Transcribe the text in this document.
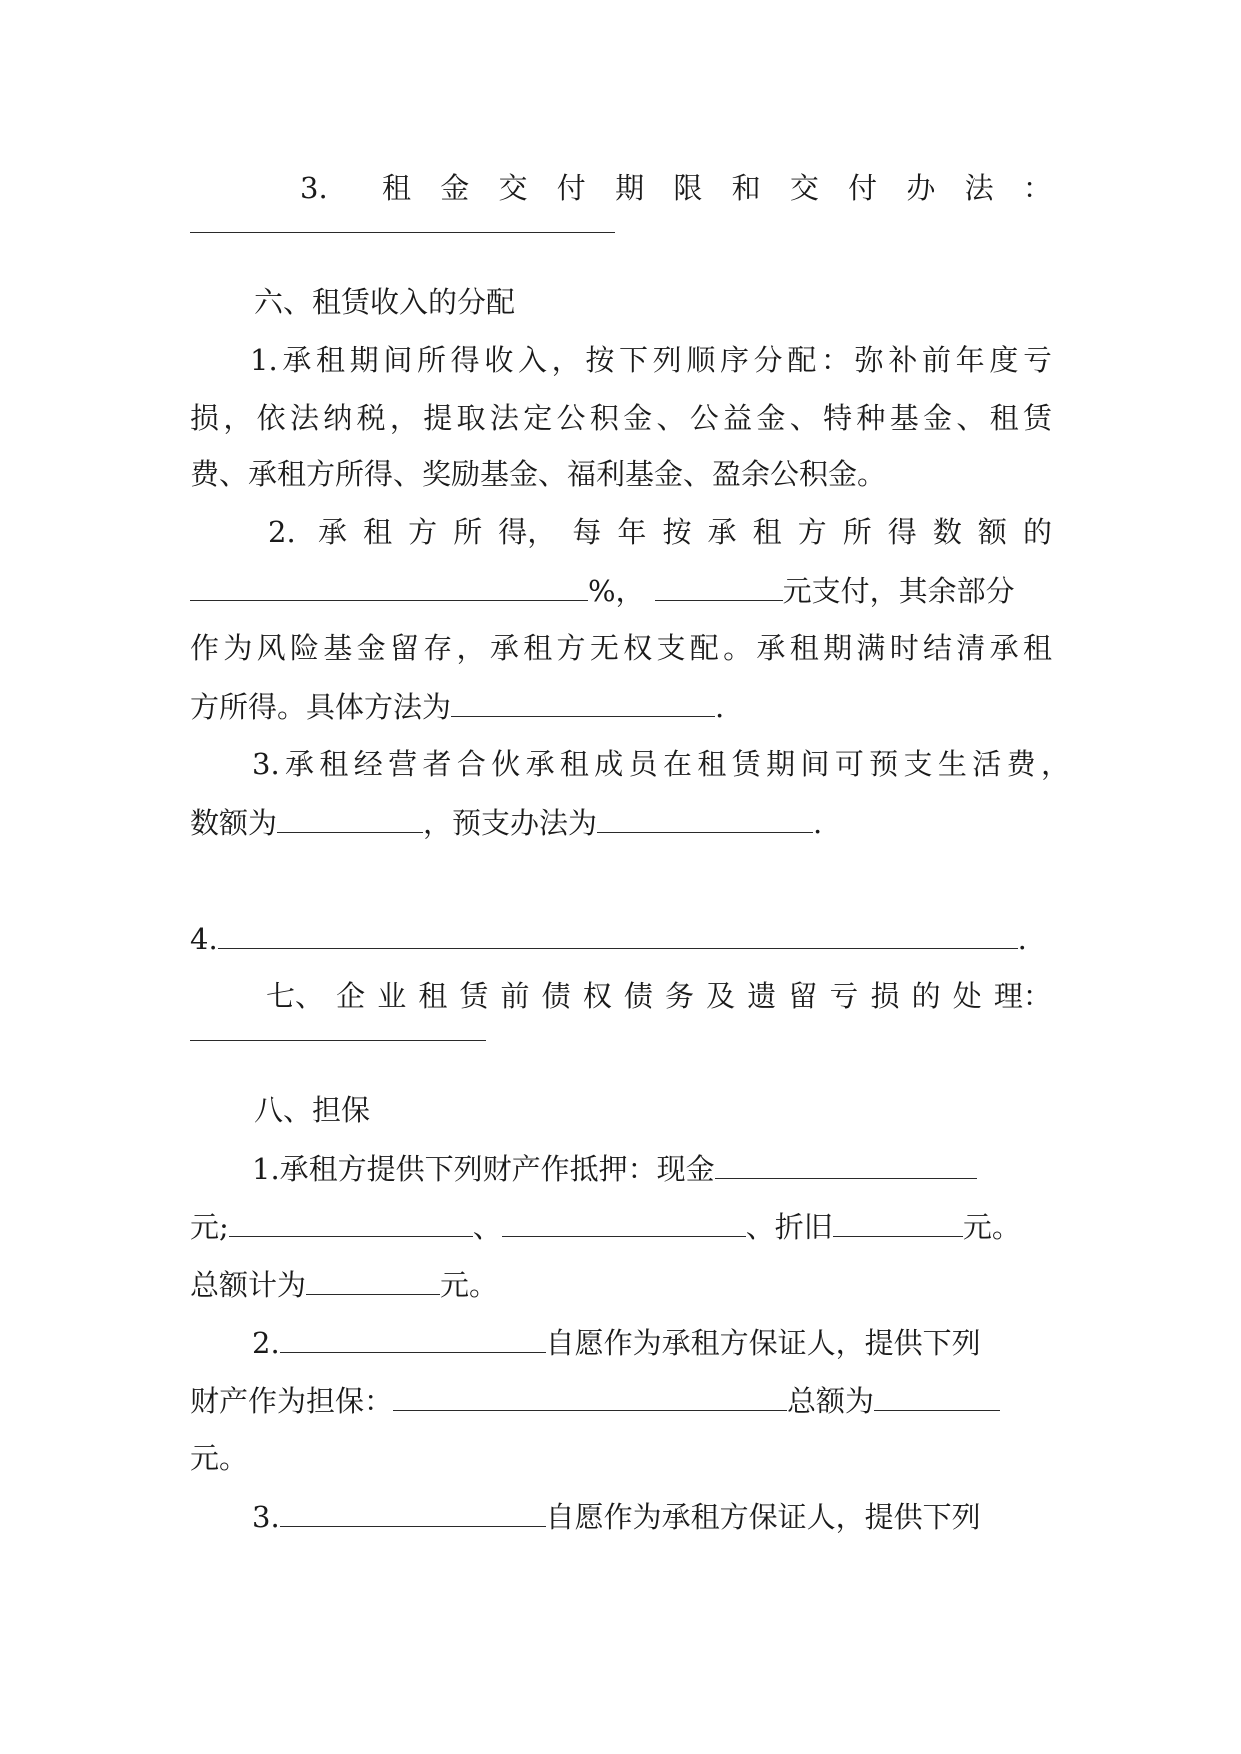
3. 租 金 交 付 期 限 和 交 付 办 法 ：
六、租赁收入的分配
1.承租期间所得收入，按下列顺序分配：弥补前年度亏
损，依法纳税，提取法定公积金、公益金、特种基金、租赁
费、承租方所得、奖励基金、福利基金、盈余公积金。
2. 承 租 方 所 得， 每 年 按 承 租 方 所 得 数 额 的
%，	元支付，其余部分
作为风险基金留存，承租方无权支配。承租期满时结清承租
方所得。具体方法为	.
3.承租经营者合伙承租成员在租赁期间可预支生活费，
数额为	，预支办法为	.
4.	.
七、 企 业 租 赁 前 债 权 债 务 及 遗 留 亏 损 的 处 理：
八、担保
1.承租方提供下列财产作抵押：现金
元;	、	、折旧	元。
总额计为	元。
2.	自愿作为承租方保证人，提供下列
财产作为担保：	总额为
元。
3.	自愿作为承租方保证人，提供下列
